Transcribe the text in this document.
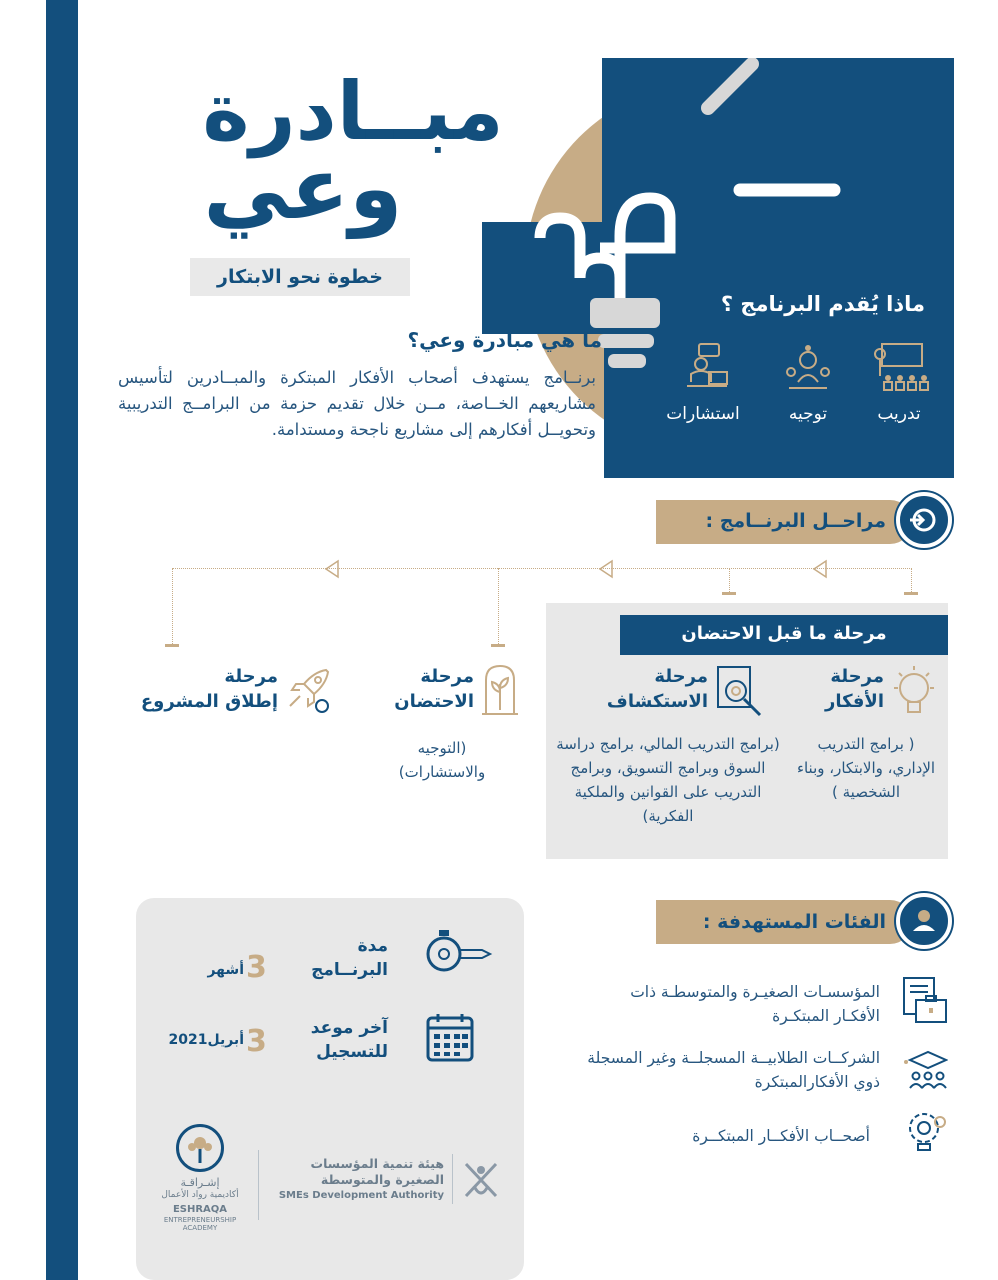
ماذا يُقدم البرنامج ؟
تدريب
توجيه
استشارات
مبــادرة
وعي
خطوة نحو الابتكار
ما هي مبادرة وعي؟
برنــامج يستهدف أصحاب الأفكار المبتكرة والمبــادرين لتأسيس مشاريعهم الخــاصة، مــن خلال تقديم حزمة من البرامــج التدريبية وتحويــل أفكارهم إلى مشاريع ناجحة ومستدامة.
مراحــل البرنــامج :
مرحلة ما قبل الاحتضان
مرحلة
الأفكار
( برامج التدريب الإداري، والابتكار، وبناء الشخصية )
مرحلة
الاستكشاف
(برامج التدريب المالي، برامج دراسة السوق وبرامج التسويق، وبرامج التدريب على القوانين والملكية الفكرية)
مرحلة
الاحتضان
(التوجيه والاستشارات)
مرحلة
إطلاق المشروع
مدة
البرنــامج
3
أشهر
آخر موعد
للتسجيل
3
أبريل2021
إشـراقـة
أكاديمية رواد الأعمال
ESHRAQA
ENTREPRENEURSHIP ACADEMY
هيئة تنمية المؤسسات
الصغيرة والمتوسطة
SMEs Development Authority
الفئات المستهدفة :
المؤسسـات الصغيـرة والمتوسطـة ذات الأفكـار المبتكـرة
الشركــات الطلابيــة المسجلــة وغير المسجلة ذوي الأفكارالمبتكرة
أصحــاب الأفكــار المبتكــرة
